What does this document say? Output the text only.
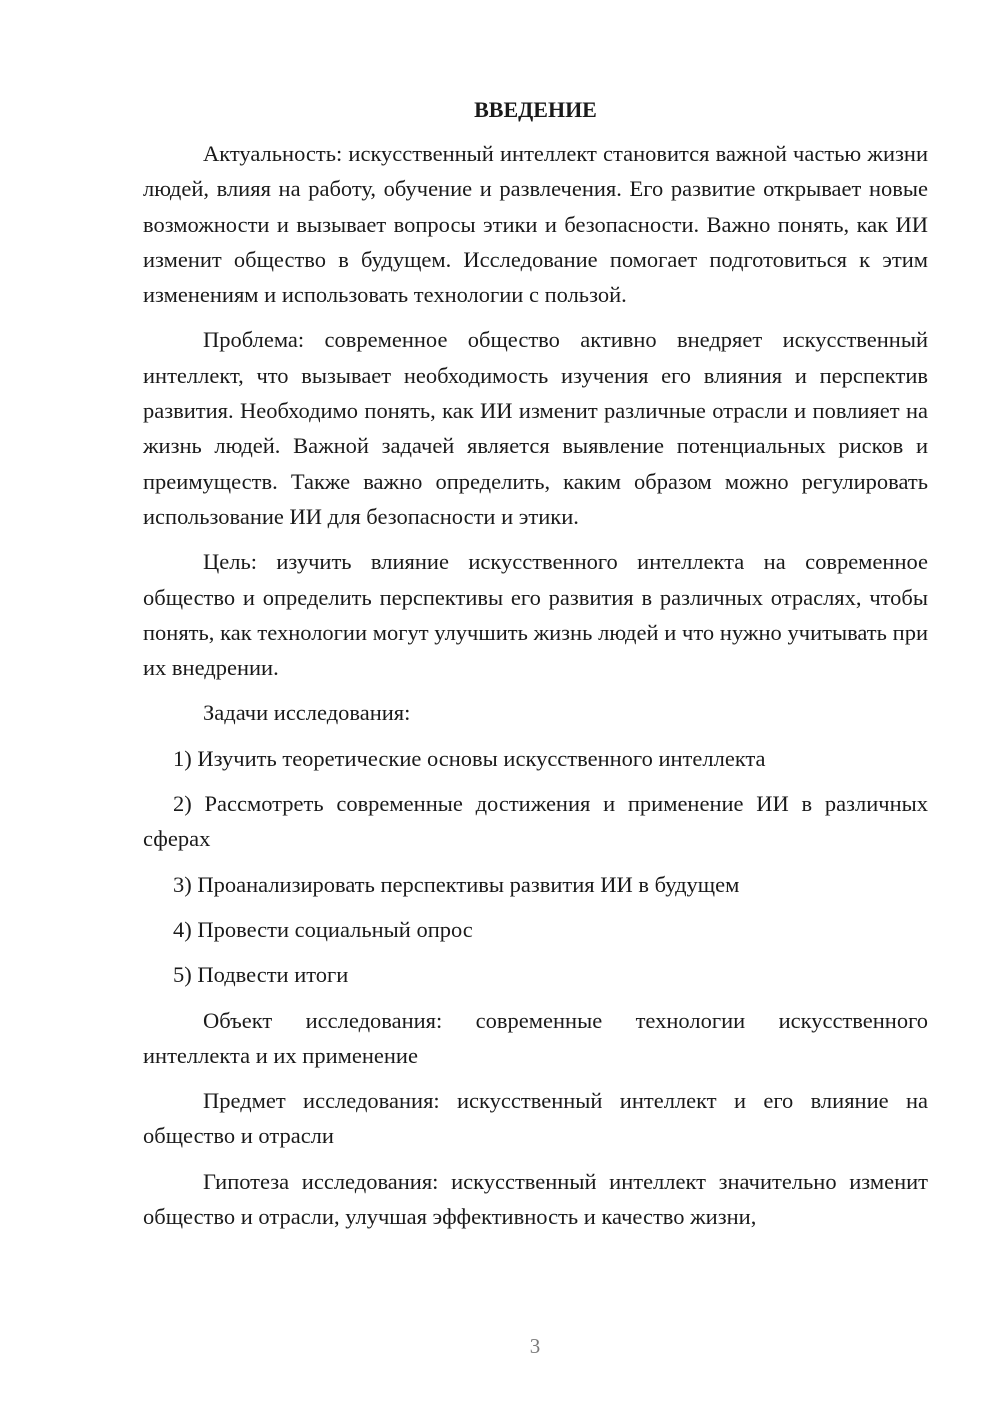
ВВЕДЕНИЕ

Актуальность: искусственный интеллект становится важной частью жизни людей, влияя на работу, обучение и развлечения. Его развитие открывает новые возможности и вызывает вопросы этики и безопасности. Важно понять, как ИИ изменит общество в будущем. Исследование помогает подготовиться к этим изменениям и использовать технологии с пользой.

Проблема: современное общество активно внедряет искусственный интеллект, что вызывает необходимость изучения его влияния и перспектив развития. Необходимо понять, как ИИ изменит различные отрасли и повлияет на жизнь людей. Важной задачей является выявление потенциальных рисков и преимуществ. Также важно определить, каким образом можно регулировать использование ИИ для безопасности и этики.

Цель: изучить влияние искусственного интеллекта на современное общество и определить перспективы его развития в различных отраслях, чтобы понять, как технологии могут улучшить жизнь людей и что нужно учитывать при их внедрении.

Задачи исследования:

1) Изучить теоретические основы искусственного интеллекта

2) Рассмотреть современные достижения и применение ИИ в различных сферах

3) Проанализировать перспективы развития ИИ в будущем

4) Провести социальный опрос

5) Подвести итоги

Объект исследования: современные технологии искусственного интеллекта и их применение

Предмет исследования: искусственный интеллект и его влияние на общество и отрасли

Гипотеза исследования: искусственный интеллект значительно изменит общество и отрасли, улучшая эффективность и качество жизни,

3
